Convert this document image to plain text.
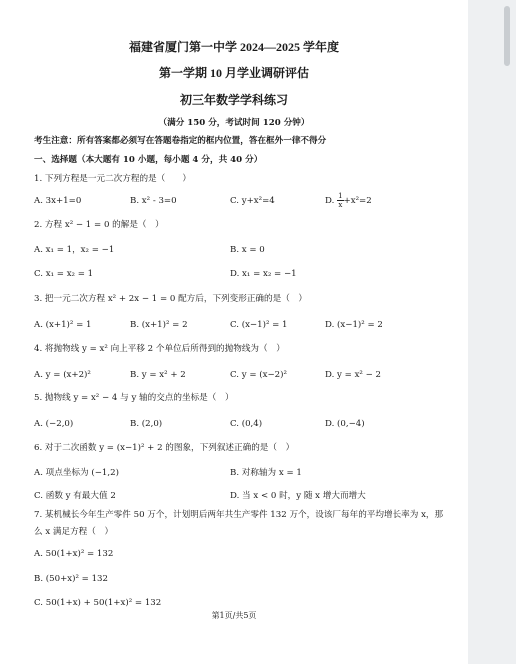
福建省厦门第一中学 2024—2025 学年度
第一学期 10 月学业调研评估
初三年数学学科练习
（满分 150 分，考试时间 120 分钟）
考生注意：所有答案都必须写在答题卷指定的框内位置，答在框外一律不得分
一、选择题（本大题有 10 小题，每小题 4 分，共 40 分）
1. 下列方程是一元二次方程的是（　　）
A. 3x+1=0	B. x² - 3=0	C. y+x²=4	D. $\frac{1}{x} +x^2=2$
2. 方程 x² − 1 = 0 的解是（　）
A. x₁ = 1，x₂ = −1	B. x = 0
C. x₁ = x₂ = 1	D. x₁ = x₂ = −1
3. 把一元二次方程 x² + 2x − 1 = 0 配方后，下列变形正确的是（　）
A. (x+1)² = 1	B. (x+1)² = 2	C. (x−1)² = 1	D. (x−1)² = 2
4. 将抛物线 y = x² 向上平移 2 个单位后所得到的抛物线为（　）
A. y = (x+2)²	B. y = x² + 2	C. y = (x−2)²	D. y = x² − 2
5. 抛物线 y = x² − 4 与 y 轴的交点的坐标是（　）
A. (−2,0)	B. (2,0)	C. (0,4)	D. (0,−4)
6. 对于二次函数 y = (x−1)² + 2 的图象，下列叙述正确的是（　）
A. 项点坐标为 (−1,2)	B. 对称轴为 x = 1
C. 函数 y 有最大值 2	D. 当 x < 0 时，y 随 x 增大而增大
7. 某机械长今年生产零件 50 万个，计划明后两年共生产零件 132 万个，设该厂每年的平均增长率为 x，那
么 x 满足方程（　）
A. 50(1+x)² = 132
B. (50+x)² = 132
C. 50(1+x) + 50(1+x)² = 132
第1页/共5页
